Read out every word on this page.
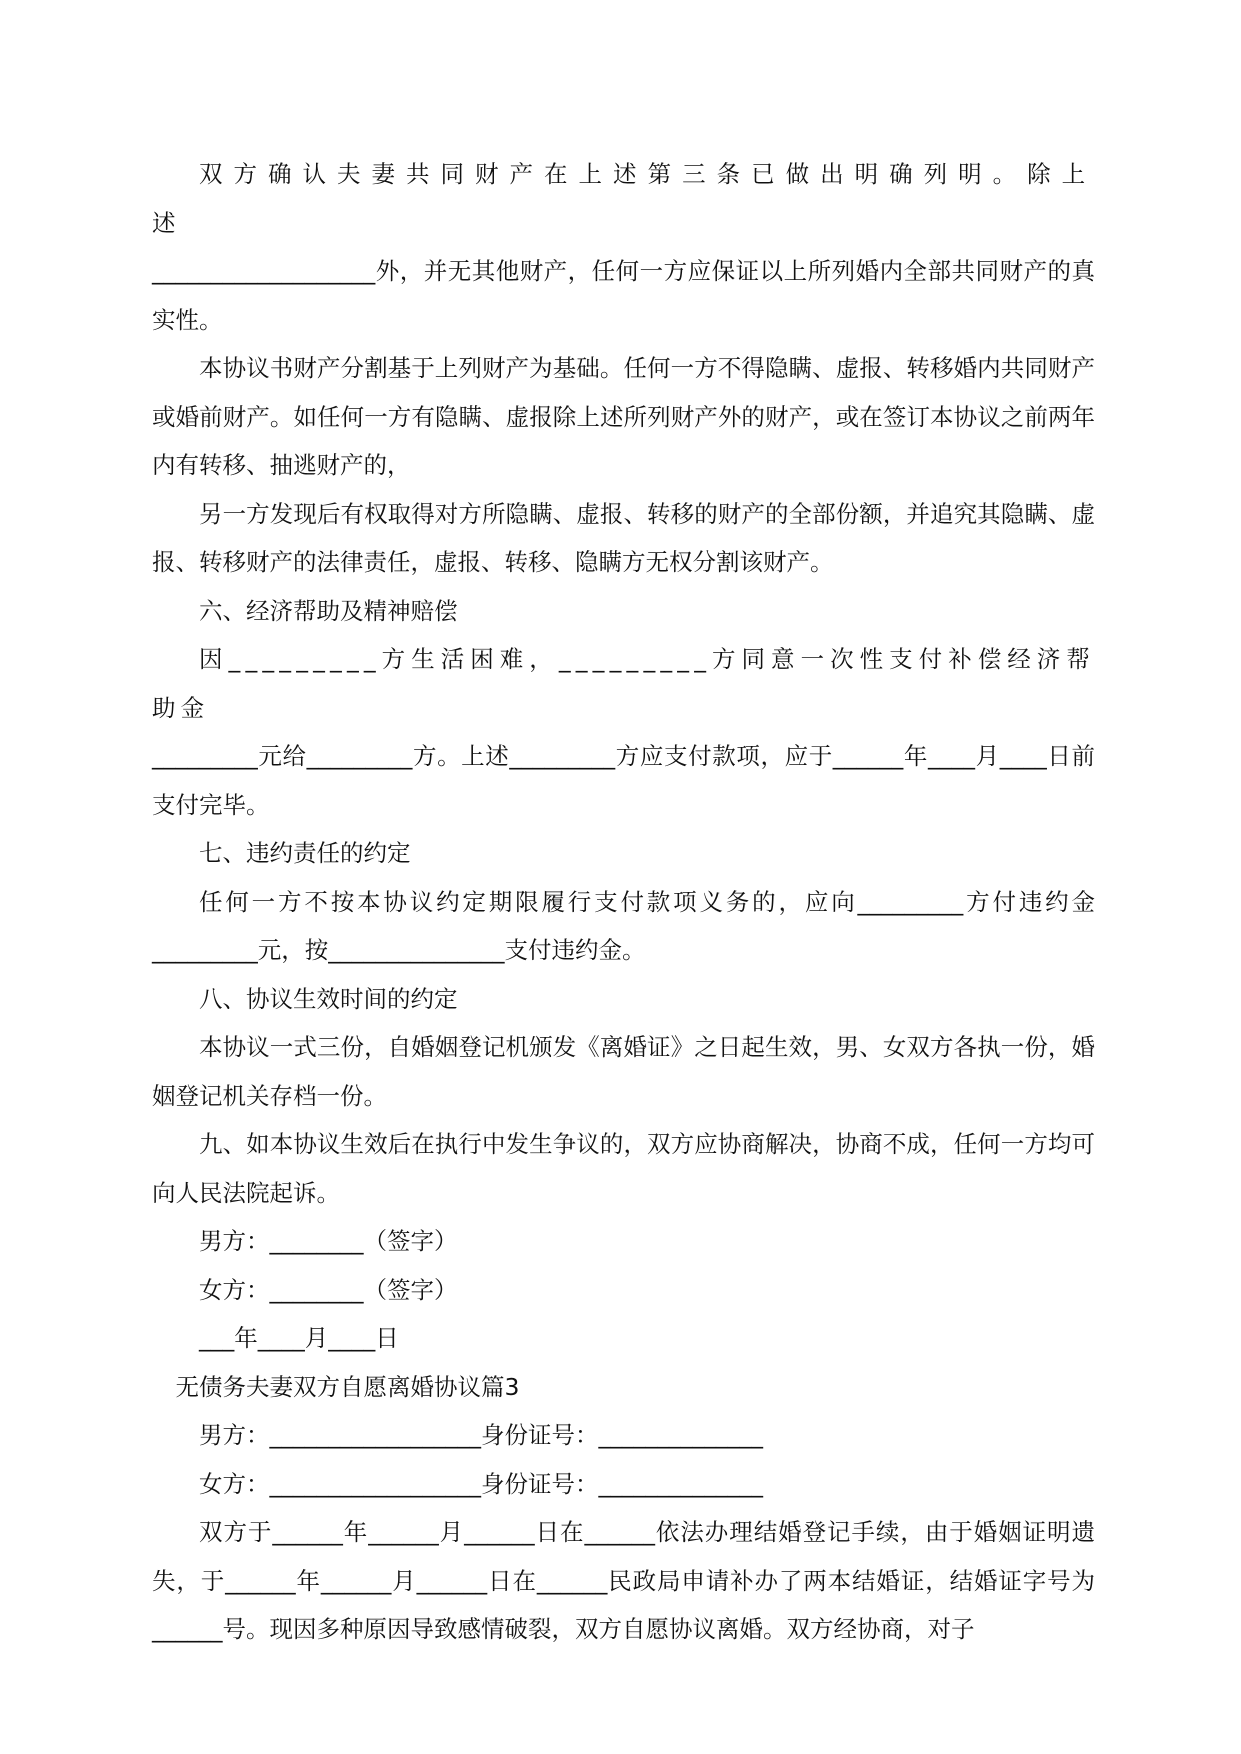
双方确认夫妻共同财产在上述第三条已做出明确列明。除上述

___________________外，并无其他财产，任何一方应保证以上所列婚内全部共同财产的真实性。

本协议书财产分割基于上列财产为基础。任何一方不得隐瞒、虚报、转移婚内共同财产或婚前财产。如任何一方有隐瞒、虚报除上述所列财产外的财产，或在签订本协议之前两年内有转移、抽逃财产的，

另一方发现后有权取得对方所隐瞒、虚报、转移的财产的全部份额，并追究其隐瞒、虚报、转移财产的法律责任，虚报、转移、隐瞒方无权分割该财产。

六、经济帮助及精神赔偿

因_________方生活困难，_________方同意一次性支付补偿经济帮助金

_________元给_________方。上述_________方应支付款项，应于______年____月____日前支付完毕。

七、违约责任的约定

任何一方不按本协议约定期限履行支付款项义务的，应向_________方付违约金_________元，按_______________支付违约金。

八、协议生效时间的约定

本协议一式三份，自婚姻登记机颁发《离婚证》之日起生效，男、女双方各执一份，婚姻登记机关存档一份。

九、如本协议生效后在执行中发生争议的，双方应协商解决，协商不成，任何一方均可向人民法院起诉。

男方：________（签字）

女方：________（签字）

___年____月____日

无债务夫妻双方自愿离婚协议篇3

男方：__________________身份证号：______________

女方：__________________身份证号：______________

双方于______年______月______日在______依法办理结婚登记手续，由于婚姻证明遗失，于______年______月______日在______民政局申请补办了两本结婚证，结婚证字号为______号。现因多种原因导致感情破裂，双方自愿协议离婚。双方经协商，对子
